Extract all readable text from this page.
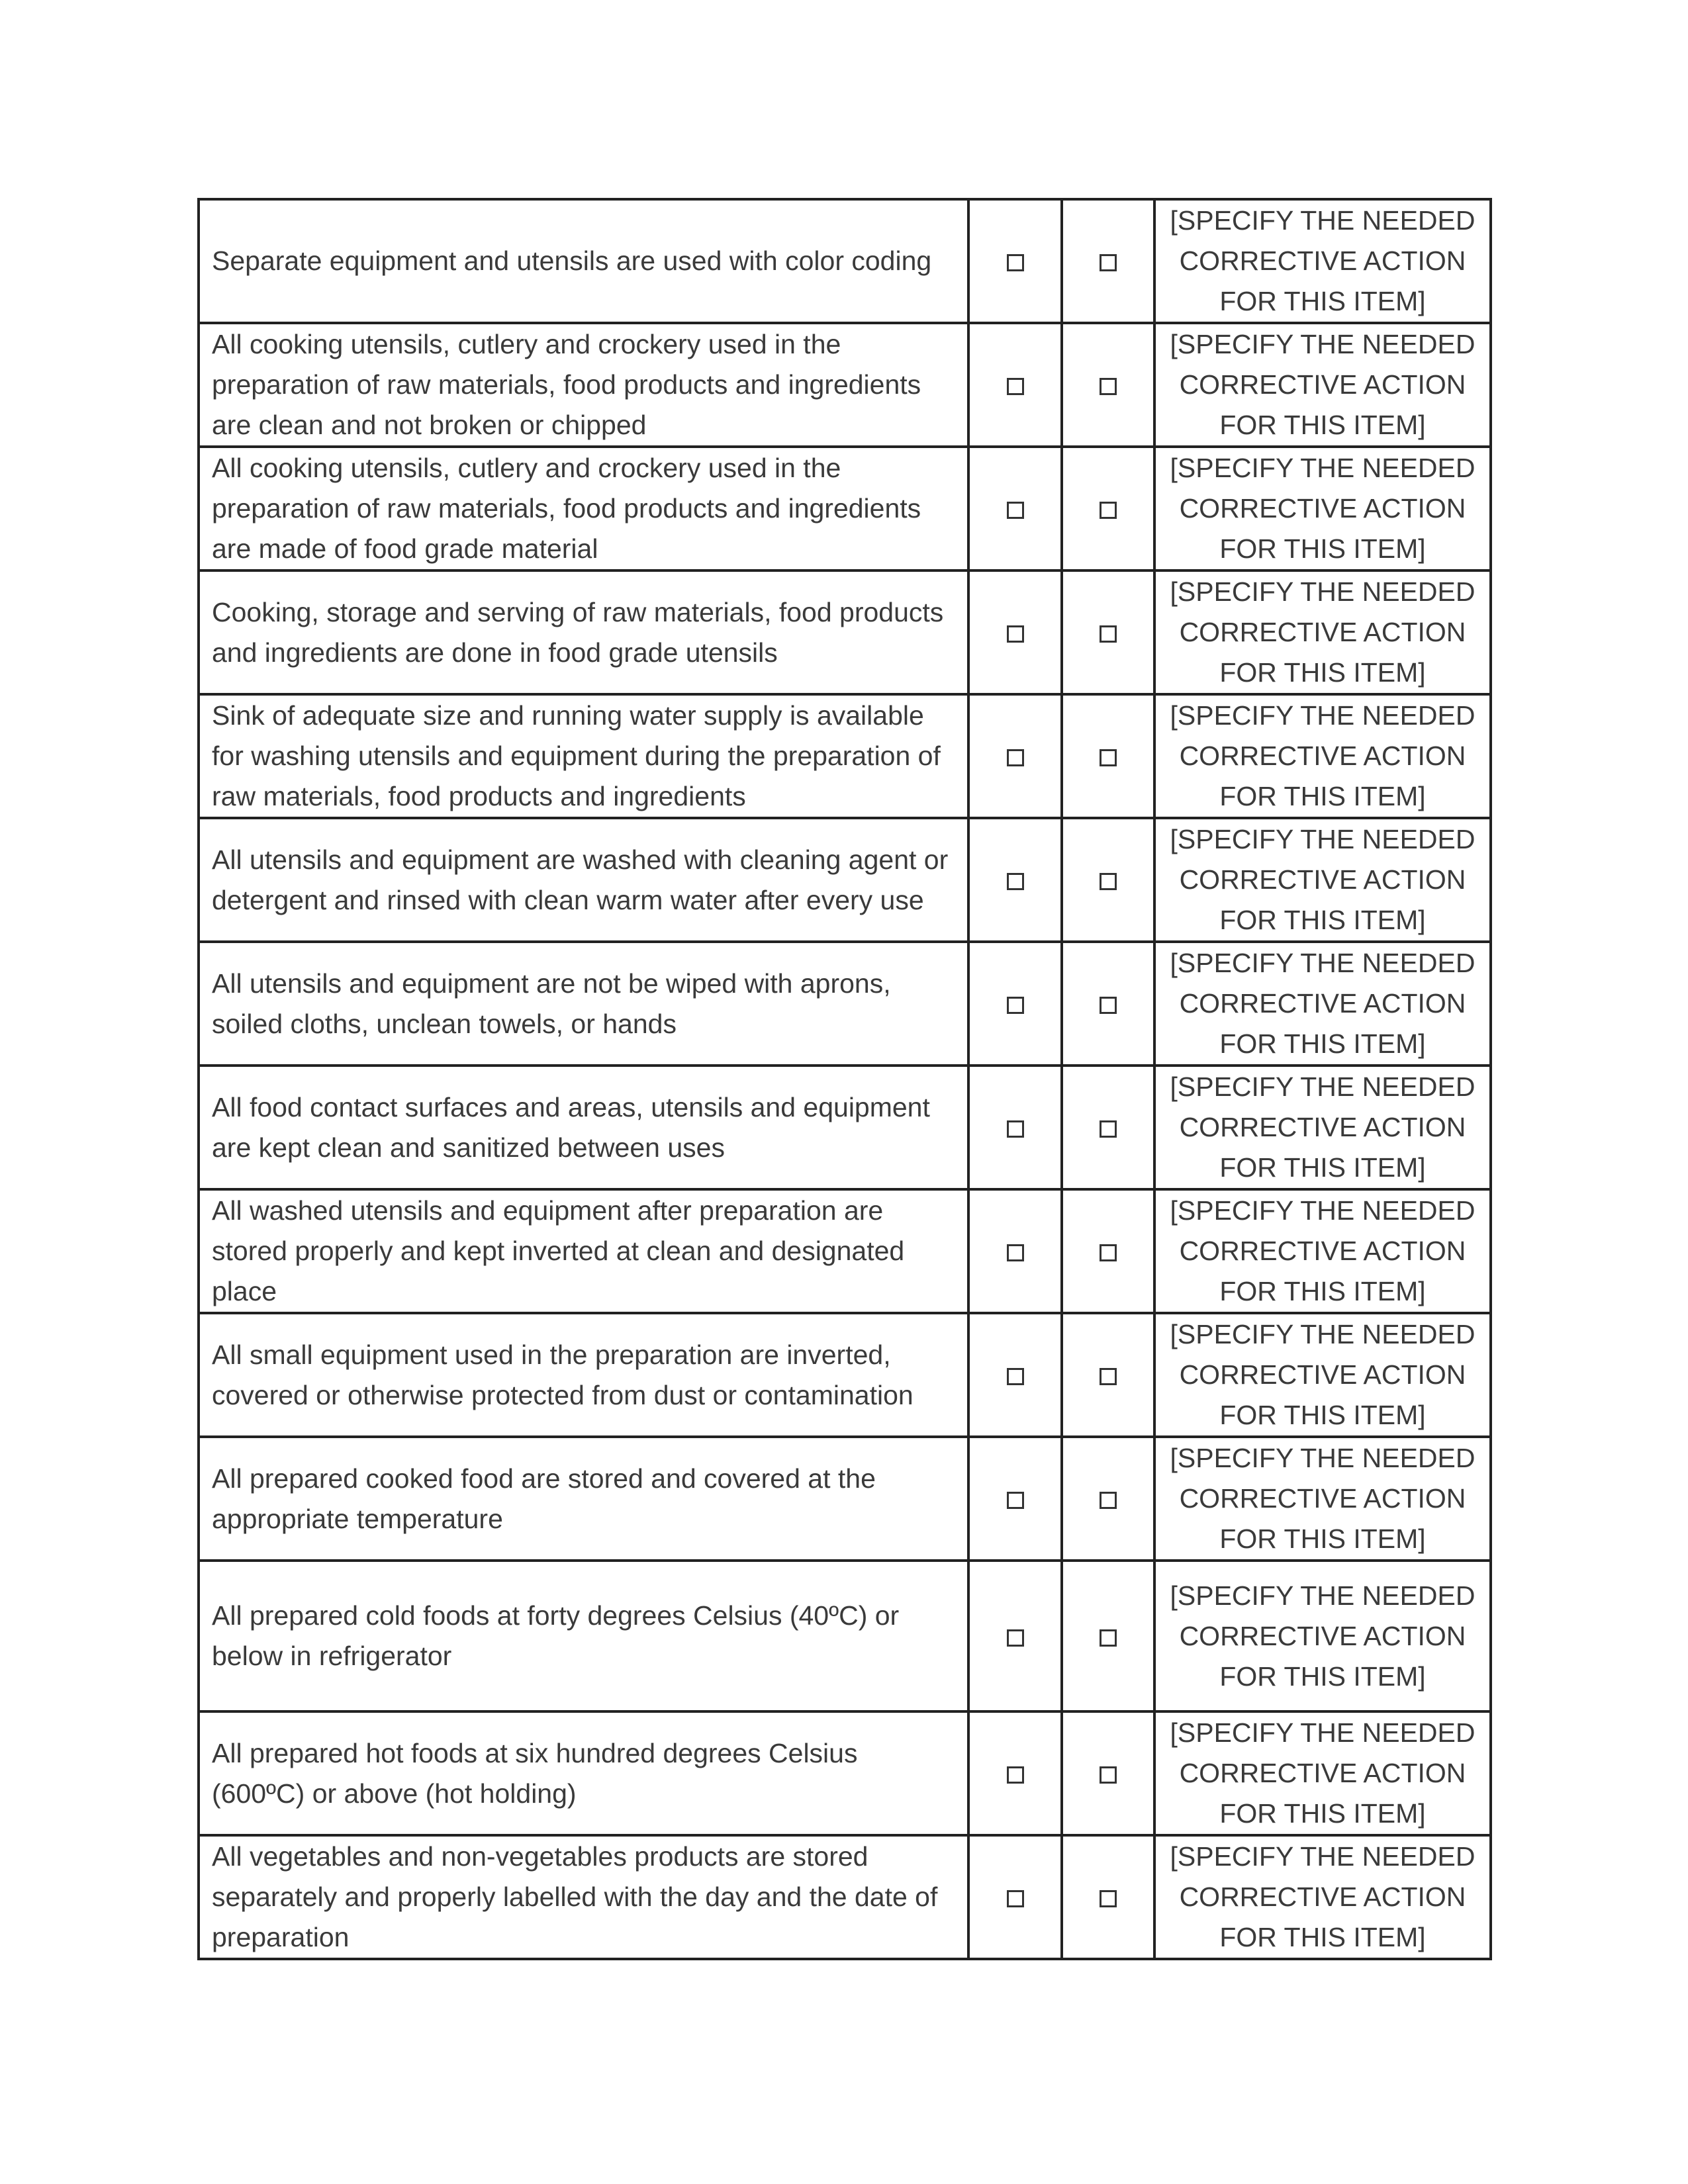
Separate equipment and utensils are used with color coding			[SPECIFY THE NEEDED CORRECTIVE ACTION FOR THIS ITEM]
All cooking utensils, cutlery and crockery used in the preparation of raw materials, food products and ingredients are clean and not broken or chipped			[SPECIFY THE NEEDED CORRECTIVE ACTION FOR THIS ITEM]
All cooking utensils, cutlery and crockery used in the preparation of raw materials, food products and ingredients are made of food grade material			[SPECIFY THE NEEDED CORRECTIVE ACTION FOR THIS ITEM]
Cooking, storage and serving of raw materials, food products and ingredients are done in food grade utensils			[SPECIFY THE NEEDED CORRECTIVE ACTION FOR THIS ITEM]
Sink of adequate size and running water supply is available for washing utensils and equipment during the preparation of raw materials, food products and ingredients			[SPECIFY THE NEEDED CORRECTIVE ACTION FOR THIS ITEM]
All utensils and equipment are washed with cleaning agent or detergent and rinsed with clean warm water after every use			[SPECIFY THE NEEDED CORRECTIVE ACTION FOR THIS ITEM]
All utensils and equipment are not be wiped with aprons, soiled cloths, unclean towels, or hands			[SPECIFY THE NEEDED CORRECTIVE ACTION FOR THIS ITEM]
All food contact surfaces and areas, utensils and equipment are kept clean and sanitized between uses			[SPECIFY THE NEEDED CORRECTIVE ACTION FOR THIS ITEM]
All washed utensils and equipment after preparation are stored properly and kept inverted at clean and designated place			[SPECIFY THE NEEDED CORRECTIVE ACTION FOR THIS ITEM]
All small equipment used in the preparation are inverted, covered or otherwise protected from dust or contamination			[SPECIFY THE NEEDED CORRECTIVE ACTION FOR THIS ITEM]
All prepared cooked food are stored and covered at the appropriate temperature			[SPECIFY THE NEEDED CORRECTIVE ACTION FOR THIS ITEM]
All prepared cold foods at forty degrees Celsius (40ºC) or below in refrigerator			[SPECIFY THE NEEDED CORRECTIVE ACTION FOR THIS ITEM]
All prepared hot foods at six hundred degrees Celsius (600ºC) or above (hot holding)			[SPECIFY THE NEEDED CORRECTIVE ACTION FOR THIS ITEM]
All vegetables and non-vegetables products are stored separately and properly labelled with the day and the date of preparation			[SPECIFY THE NEEDED CORRECTIVE ACTION FOR THIS ITEM]
